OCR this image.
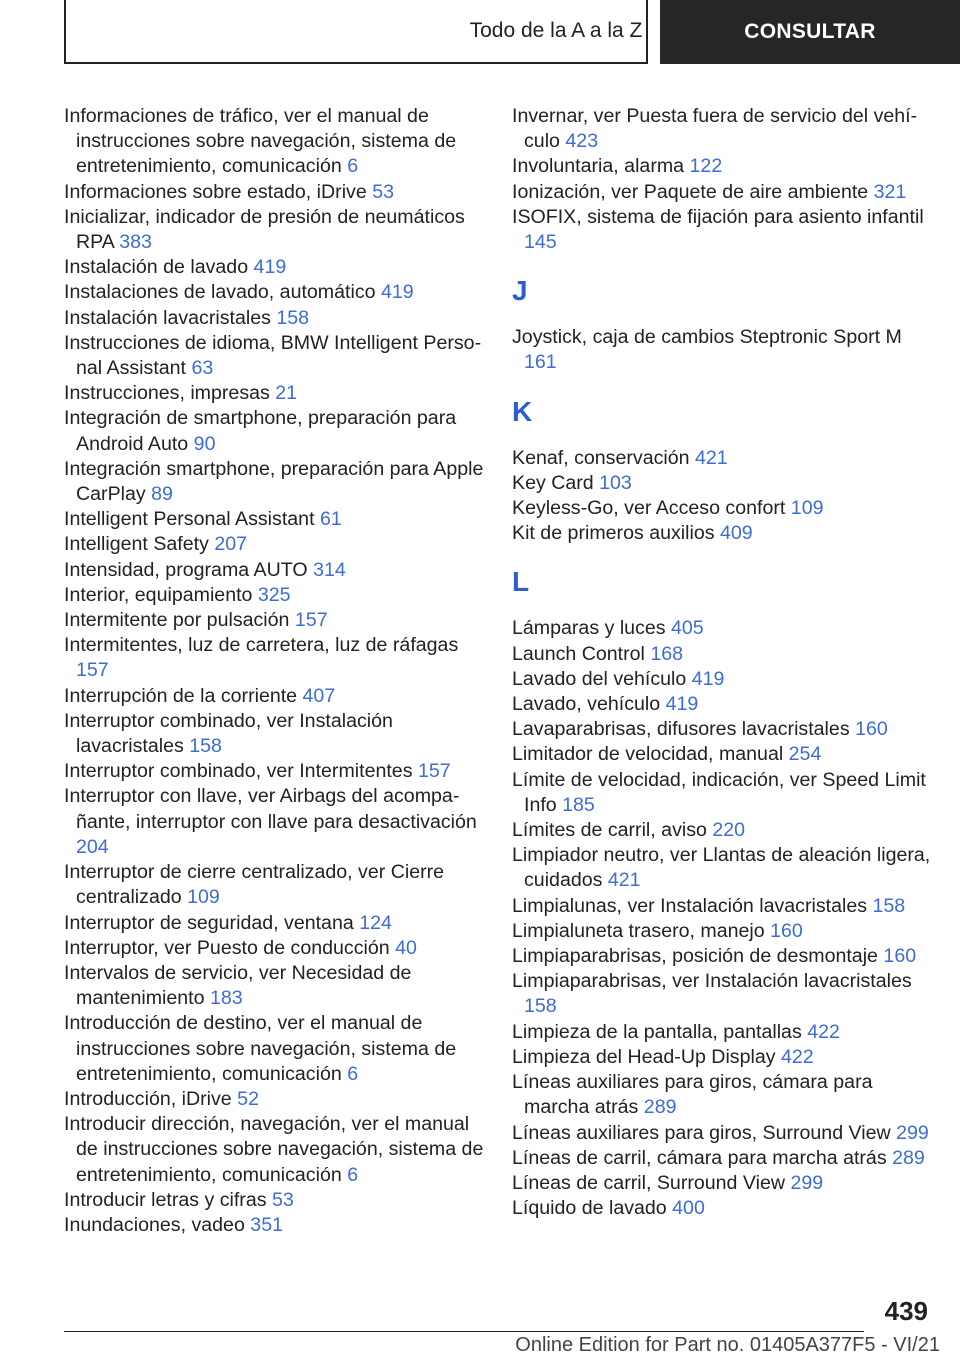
Todo de la A a la Z	CONSULTAR
Informaciones de tráfico, ver el manual de instrucciones sobre navegación, sistema de entretenimiento, comunicación 6
Informaciones sobre estado, iDrive 53
Inicializar, indicador de presión de neumáticos RPA 383
Instalación de lavado 419
Instalaciones de lavado, automático 419
Instalación lavacristales 158
Instrucciones de idioma, BMW Intelligent Personal Assistant 63
Instrucciones, impresas 21
Integración de smartphone, preparación para Android Auto 90
Integración smartphone, preparación para Apple CarPlay 89
Intelligent Personal Assistant 61
Intelligent Safety 207
Intensidad, programa AUTO 314
Interior, equipamiento 325
Intermitente por pulsación 157
Intermitentes, luz de carretera, luz de ráfagas 157
Interrupción de la corriente 407
Interruptor combinado, ver Instalación lavacristales 158
Interruptor combinado, ver Intermitentes 157
Interruptor con llave, ver Airbags del acompañante, interruptor con llave para desactivación 204
Interruptor de cierre centralizado, ver Cierre centralizado 109
Interruptor de seguridad, ventana 124
Interruptor, ver Puesto de conducción 40
Intervalos de servicio, ver Necesidad de mantenimiento 183
Introducción de destino, ver el manual de instrucciones sobre navegación, sistema de entretenimiento, comunicación 6
Introducción, iDrive 52
Introducir dirección, navegación, ver el manual de instrucciones sobre navegación, sistema de entretenimiento, comunicación 6
Introducir letras y cifras 53
Inundaciones, vadeo 351
Invernar, ver Puesta fuera de servicio del vehículo 423
Involuntaria, alarma 122
Ionización, ver Paquete de aire ambiente 321
ISOFIX, sistema de fijación para asiento infantil 145
J
Joystick, caja de cambios Steptronic Sport M 161
K
Kenaf, conservación 421
Key Card 103
Keyless-Go, ver Acceso confort 109
Kit de primeros auxilios 409
L
Lámparas y luces 405
Launch Control 168
Lavado del vehículo 419
Lavado, vehículo 419
Lavaparabrisas, difusores lavacristales 160
Limitador de velocidad, manual 254
Límite de velocidad, indicación, ver Speed Limit Info 185
Límites de carril, aviso 220
Limpiador neutro, ver Llantas de aleación ligera, cuidados 421
Limpialunas, ver Instalación lavacristales 158
Limpialuneta trasero, manejo 160
Limpiaparabrisas, posición de desmontaje 160
Limpiaparabrisas, ver Instalación lavacristales 158
Limpieza de la pantalla, pantallas 422
Limpieza del Head-Up Display 422
Líneas auxiliares para giros, cámara para marcha atrás 289
Líneas auxiliares para giros, Surround View 299
Líneas de carril, cámara para marcha atrás 289
Líneas de carril, Surround View 299
Líquido de lavado 400
439
Online Edition for Part no. 01405A377F5 - VI/21
